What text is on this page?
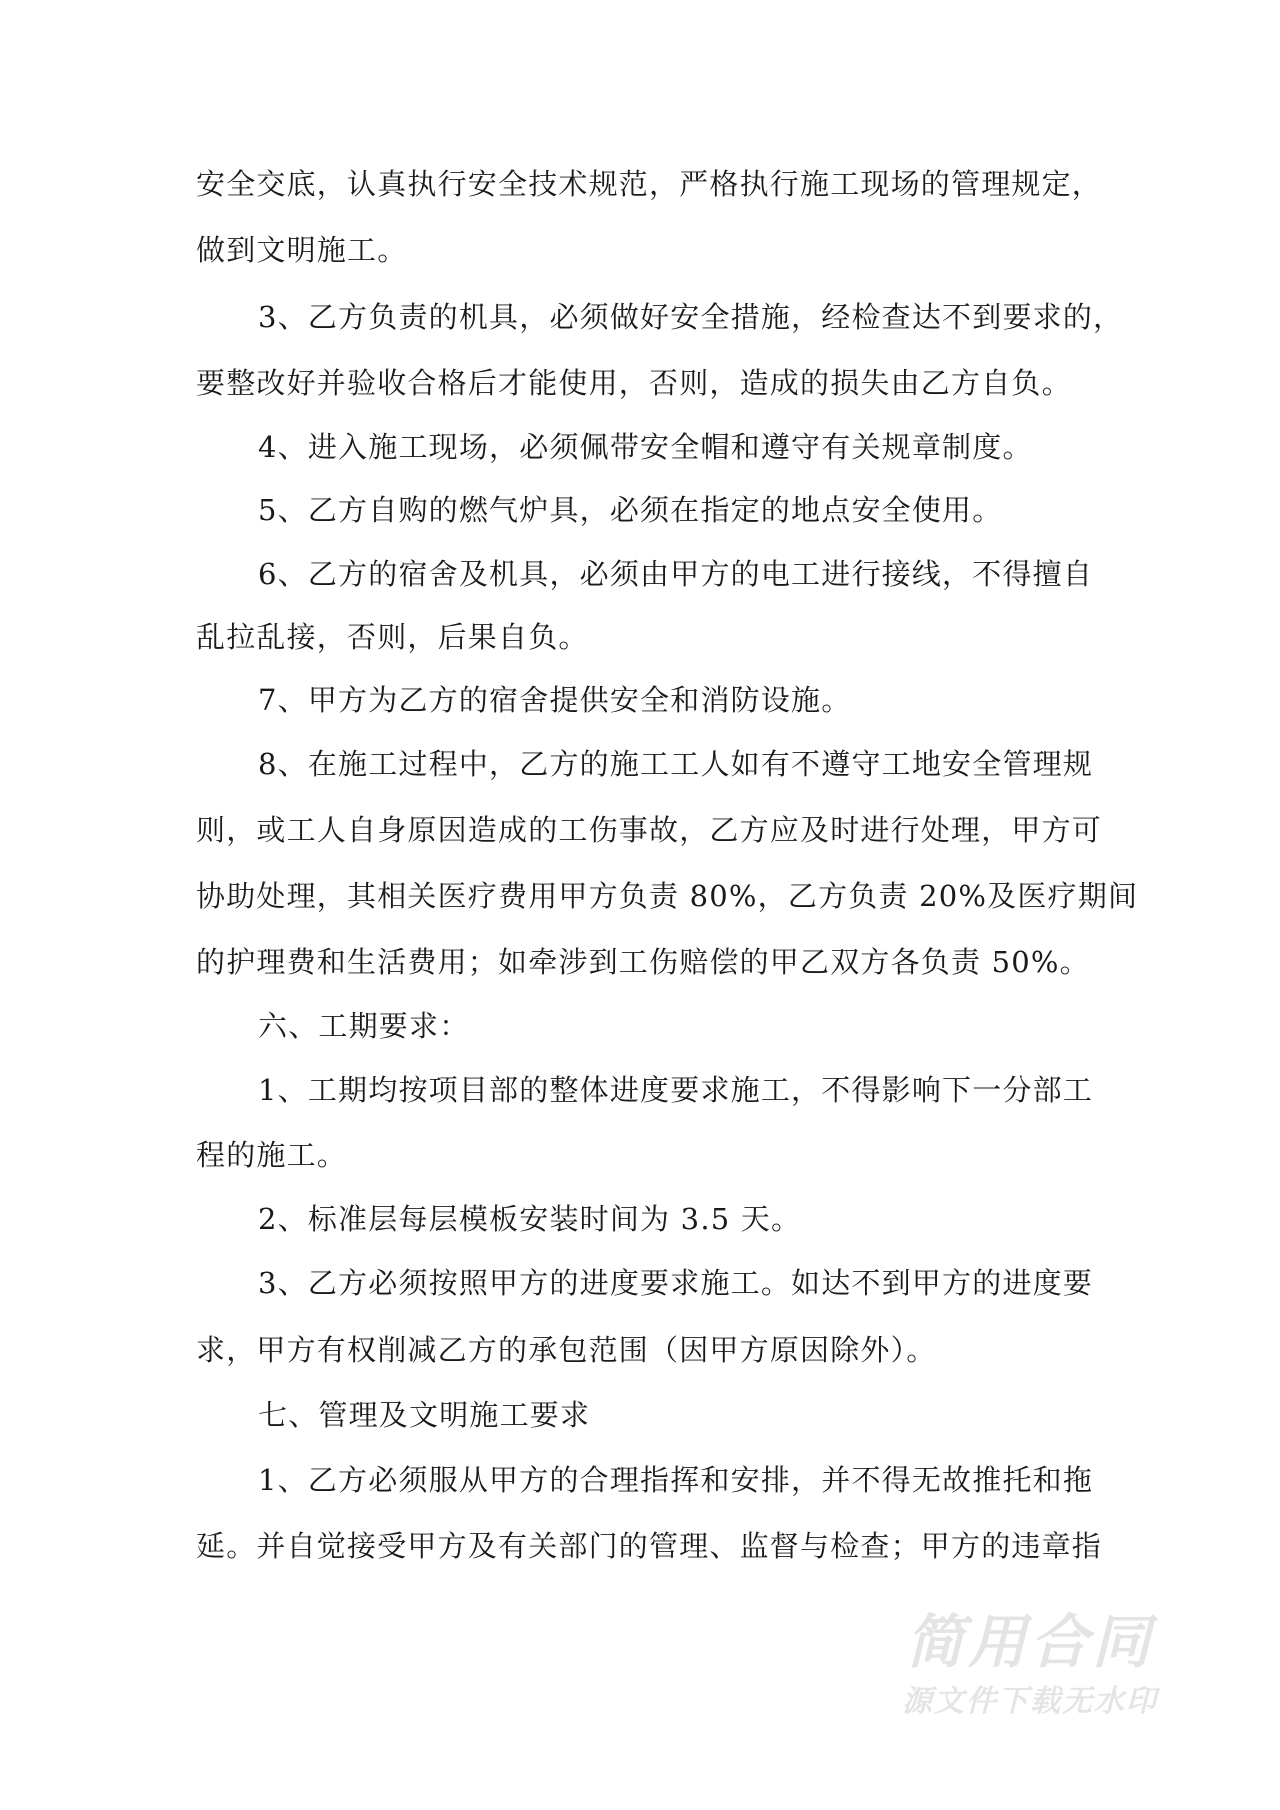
安全交底，认真执行安全技术规范，严格执行施工现场的管理规定，
做到文明施工。
3、乙方负责的机具，必须做好安全措施，经检查达不到要求的，
要整改好并验收合格后才能使用，否则，造成的损失由乙方自负。
4、进入施工现场，必须佩带安全帽和遵守有关规章制度。
5、乙方自购的燃气炉具，必须在指定的地点安全使用。
6、乙方的宿舍及机具，必须由甲方的电工进行接线，不得擅自
乱拉乱接，否则，后果自负。
7、甲方为乙方的宿舍提供安全和消防设施。
8、在施工过程中，乙方的施工工人如有不遵守工地安全管理规
则，或工人自身原因造成的工伤事故，乙方应及时进行处理，甲方可
协助处理，其相关医疗费用甲方负责 80%，乙方负责 20%及医疗期间
的护理费和生活费用；如牵涉到工伤赔偿的甲乙双方各负责 50%。
六、工期要求：
1、工期均按项目部的整体进度要求施工，不得影响下一分部工
程的施工。
2、标准层每层模板安装时间为 3.5 天。
3、乙方必须按照甲方的进度要求施工。如达不到甲方的进度要
求，甲方有权削减乙方的承包范围（因甲方原因除外）。
七、管理及文明施工要求
1、乙方必须服从甲方的合理指挥和安排，并不得无故推托和拖
延。并自觉接受甲方及有关部门的管理、监督与检查；甲方的违章指
简用合同
源文件下载无水印
